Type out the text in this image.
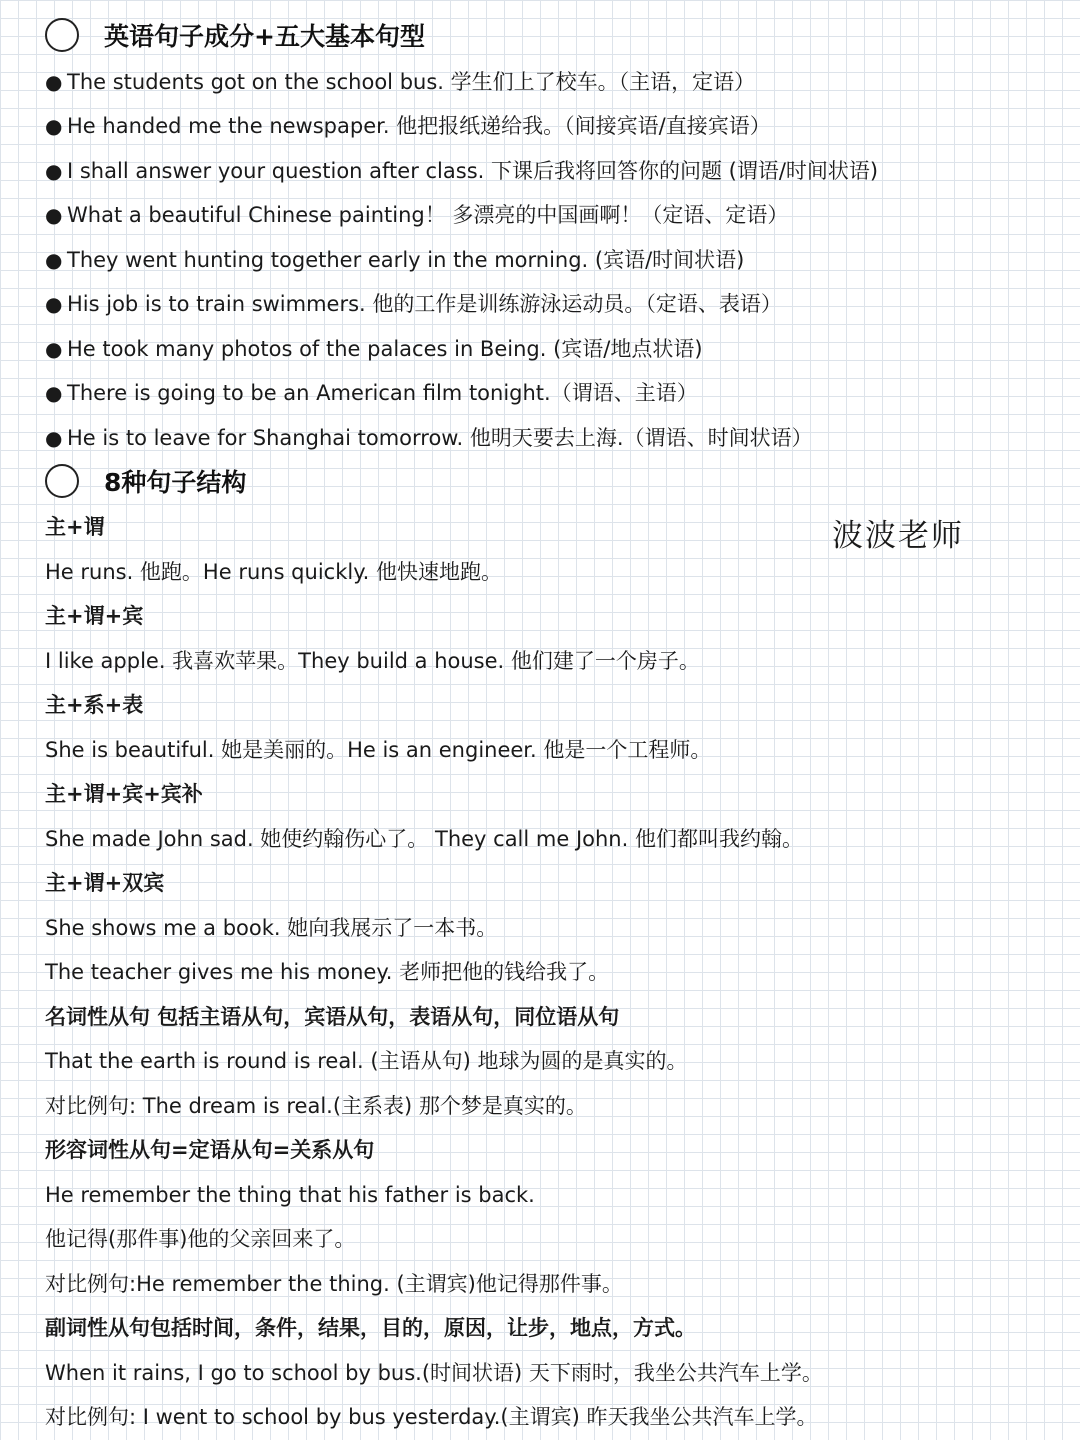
英语句子成分+五大基本句型
● The students got on the school bus. 学生们上了校车。（主语，定语）
● He handed me the newspaper. 他把报纸递给我。（间接宾语/直接宾语）
● I shall answer your question after class. 下课后我将回答你的问题 (谓语/时间状语)
● What a beautiful Chinese painting！ 多漂亮的中国画啊！（定语、定语）
● They went hunting together early in the morning. (宾语/时间状语)
● His job is to train swimmers. 他的工作是训练游泳运动员。（定语、表语）
● He took many photos of the palaces in Being. (宾语/地点状语)
● There is going to be an American film tonight.（谓语、主语）
● He is to leave for Shanghai tomorrow. 他明天要去上海.（谓语、时间状语）
8种句子结构
波波老师
主+谓
He runs. 他跑。He runs quickly. 他快速地跑。
主+谓+宾
I like apple. 我喜欢苹果。They build a house. 他们建了一个房子。
主+系+表
She is beautiful. 她是美丽的。He is an engineer. 他是一个工程师。
主+谓+宾+宾补
She made John sad. 她使约翰伤心了。 They call me John. 他们都叫我约翰。
主+谓+双宾
She shows me a book. 她向我展示了一本书。
The teacher gives me his money. 老师把他的钱给我了。
名词性从句 包括主语从句，宾语从句，表语从句，同位语从句
That the earth is round is real. (主语从句) 地球为圆的是真实的。
对比例句: The dream is real.(主系表) 那个梦是真实的。
形容词性从句=定语从句=关系从句
He remember the thing that his father is back.
他记得(那件事)他的父亲回来了。
对比例句:He remember the thing. (主谓宾)他记得那件事。
副词性从句包括时间，条件，结果，目的，原因，让步，地点，方式。
When it rains, I go to school by bus.(时间状语) 天下雨时，我坐公共汽车上学。
对比例句: I went to school by bus yesterday.(主谓宾) 昨天我坐公共汽车上学。
